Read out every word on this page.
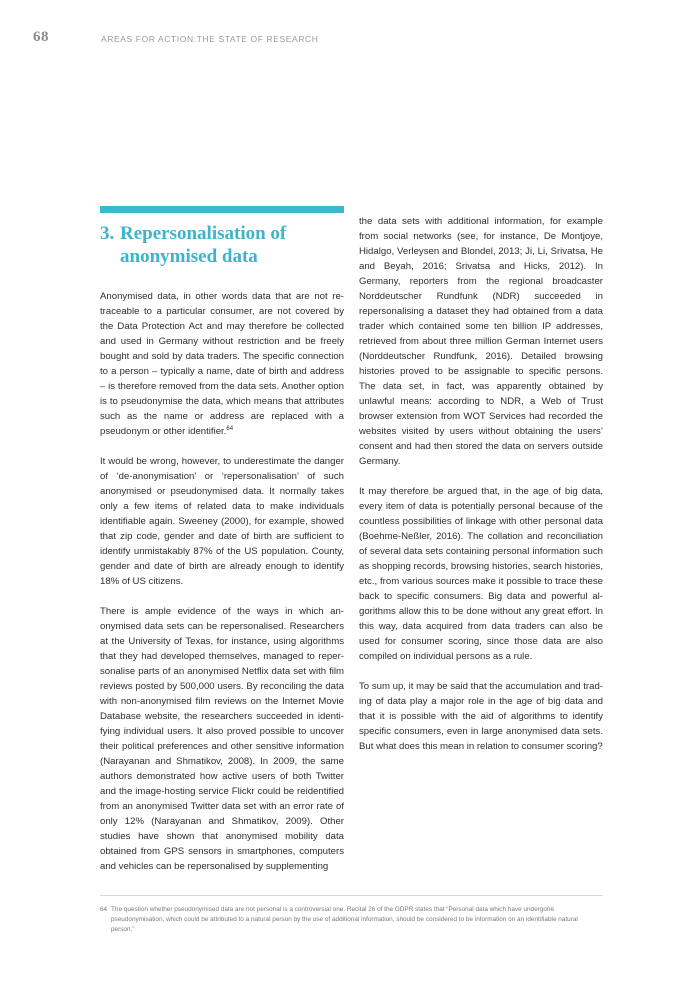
68	AREAS FOR ACTION:THE STATE OF RESEARCH
3. Repersonalisation of
anonymised data

Anonymised data, in other words data that are not retraceable to a particular consumer, are not covered by the Data Protection Act and may therefore be collected and used in Germany without restriction and be freely bought and sold by data traders. The specific connection to a person – typically a name, date of birth and address – is therefore removed from the data sets. Another option is to pseudonymise the data, which means that attributes such as the name or address are replaced with a pseudonym or other identifier.$^{64}$

It would be wrong, however, to underestimate the danger of ‘de-anonymisation’ or ‘repersonalisation’ of such anonymised or pseudonymised data. It normally takes only a few items of related data to make individuals identifiable again. Sweeney (2000), for example, showed that zip code, gender and date of birth are sufficient to identify unmistakably 87% of the US population. County, gender and date of birth are already enough to identify 18% of US citizens.

There is ample evidence of the ways in which anonymised data sets can be repersonalised. Researchers at the University of Texas, for instance, using algorithms that they had developed themselves, managed to repersonalise parts of an anonymised Netflix data set with film reviews posted by 500,000 users. By reconciling the data with non-anonymised film reviews on the Internet Movie Database website, the researchers succeeded in identifying individual users. It also proved possible to uncover their political preferences and other sensitive information (Narayanan and Shmatikov, 2008). In 2009, the same authors demonstrated how active users of both Twitter and the image-hosting service Flickr could be reidentified from an anonymised Twitter data set with an error rate of only 12% (Narayanan and Shmatikov, 2009). Other studies have shown that anonymised mobility data obtained from GPS sensors in smartphones, computers and vehicles can be repersonalised by supplementing

the data sets with additional information, for example from social networks (see, for instance, De Montjoye, Hidalgo, Verleysen and Blondel, 2013; Ji, Li, Srivatsa, He and Beyah, 2016; Srivatsa and Hicks, 2012). In Germany, reporters from the regional broadcaster Norddeutscher Rundfunk (NDR) succeeded in repersonalising a dataset they had obtained from a data trader which contained some ten billion IP addresses, retrieved from about three million German Internet users (Norddeutscher Rundfunk, 2016). Detailed browsing histories proved to be assignable to specific persons. The data set, in fact, was apparently obtained by unlawful means: according to NDR, a Web of Trust browser extension from WOT Services had recorded the websites visited by users without obtaining the users’ consent and had then stored the data on servers outside Germany.

It may therefore be argued that, in the age of big data, every item of data is potentially personal because of the countless possibilities of linkage with other personal data (Boehme-Neßler, 2016). The collation and reconciliation of several data sets containing personal information such as shopping records, browsing histories, search histories, etc., from various sources make it possible to trace these back to specific consumers. Big data and powerful algorithms allow this to be done without any great effort. In this way, data acquired from data traders can also be used for consumer scoring, since those data are also compiled on individual persons as a rule.

To sum up, it may be said that the accumulation and trading of data play a major role in the age of big data and that it is possible with the aid of algorithms to identify specific consumers, even in large anonymised data sets. But what does this mean in relation to consumer scoring?

64 The question whether pseudonymised data are not personal is a controversial one. Recital 26 of the GDPR states that “Personal data which have undergone pseudonymisation, which could be attributed to a natural person by the use of additional information, should be considered to be information on an identifiable natural person.”
